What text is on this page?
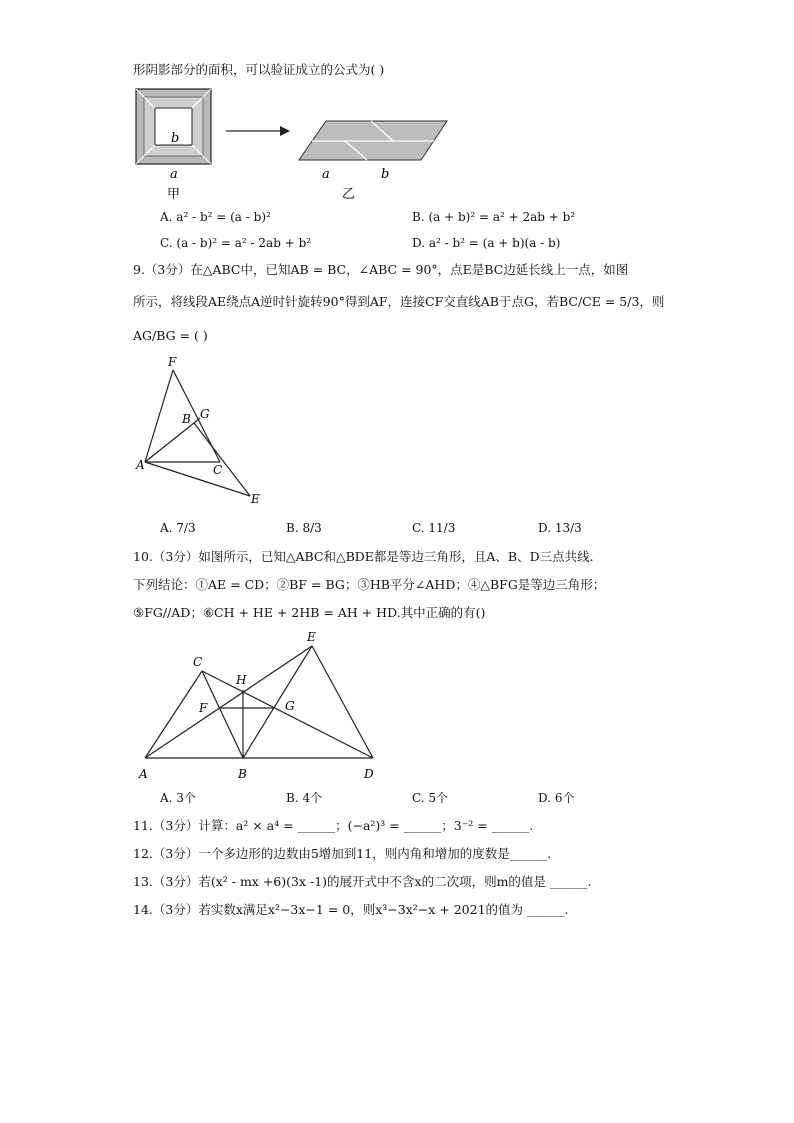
形阴影部分的面积，可以验证成立的公式为( )
b
a
甲
a	b
乙
A. a² - b² = (a - b)²	B. (a + b)² = a² + 2ab + b²
C. (a - b)² = a² - 2ab + b²	D. a² - b² = (a + b)(a - b)
9.（3分）在△ABC中，已知AB = BC，∠ABC = 90°，点E是BC边延长线上一点，如图
所示，将线段AE绕点A逆时针旋转90°得到AF，连接CF交直线AB于点G，若BC/CE = 5/3，则
AG/BG = ( )
F
B G
A	C
E
A. 7/3	B. 8/3	C. 11/3	D. 13/3
10.（3分）如图所示，已知△ABC和△BDE都是等边三角形，且A、B、D三点共线.
下列结论：①AE = CD；②BF = BG；③HB平分∠AHD；④△BFG是等边三角形；
⑤FG//AD；⑥CH + HE + 2HB = AH + HD.其中正确的有()
E
C
H
F	G
A	B	D
A. 3个	B. 4个	C. 5个	D. 6个
11.（3分）计算：a² × a⁴ = ______；(−a²)³ = ______；3⁻² = ______.
12.（3分）一个多边形的边数由5增加到11，则内角和增加的度数是______.
13.（3分）若(x² - mx +6)(3x -1)的展开式中不含x的二次项，则m的值是 ______.
14.（3分）若实数x满足x²−3x−1 = 0，则x³−3x²−x + 2021的值为 ______.
